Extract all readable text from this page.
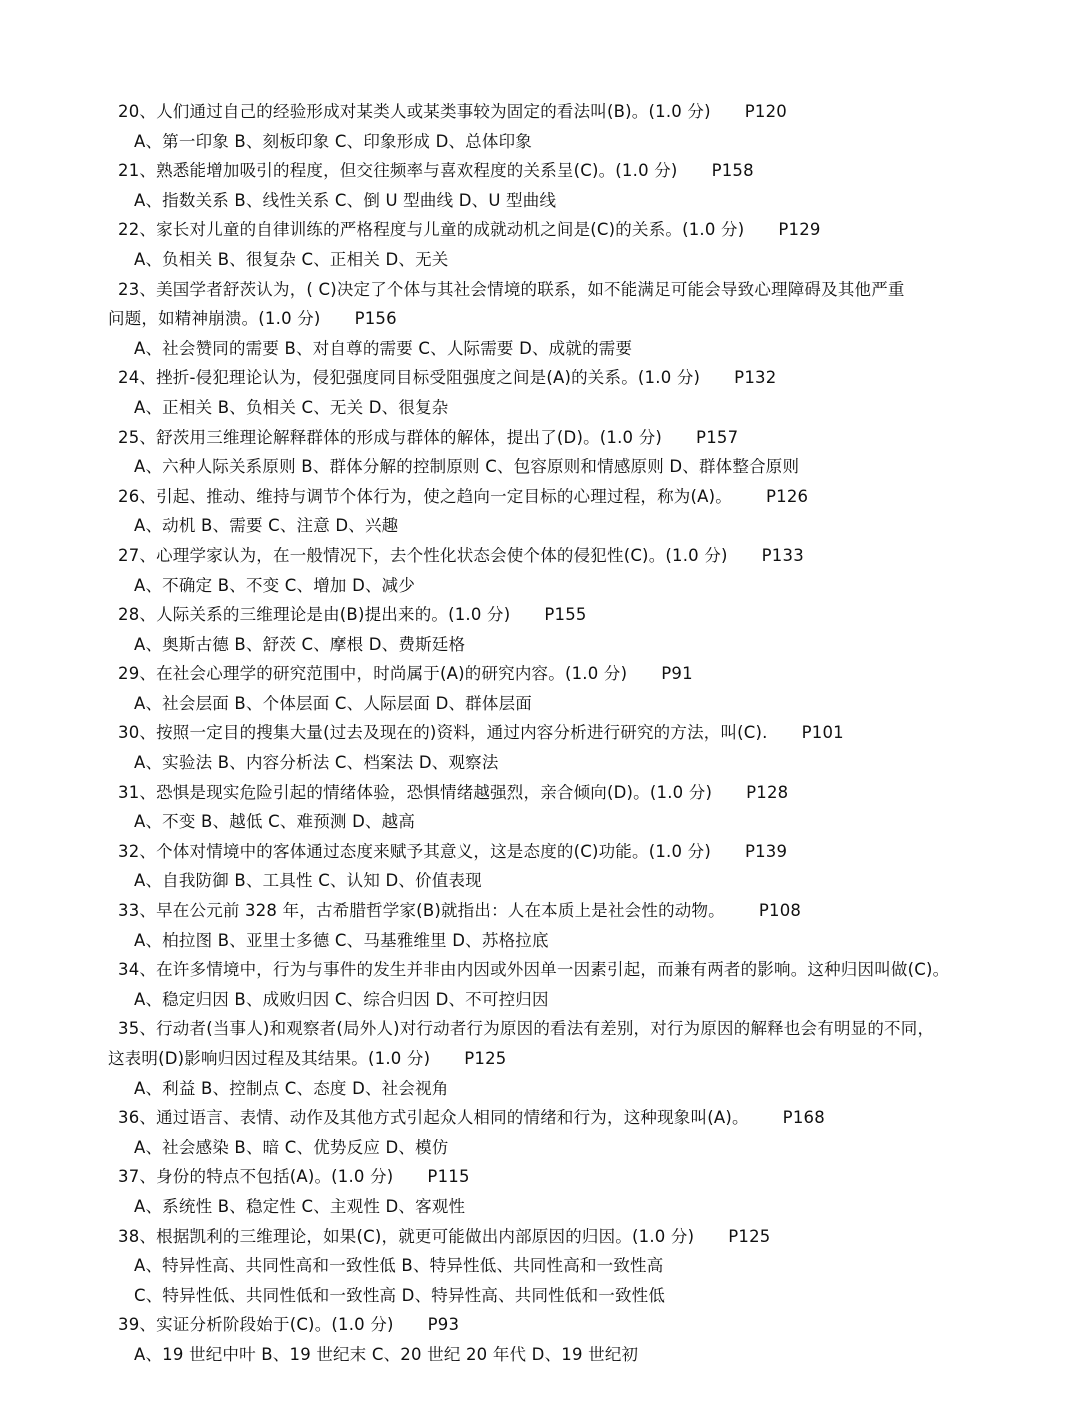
20、人们通过自己的经验形成对某类人或某类事较为固定的看法叫(B)。(1.0 分) P120
A、第一印象 B、刻板印象 C、印象形成 D、总体印象
21、熟悉能增加吸引的程度，但交往频率与喜欢程度的关系呈(C)。(1.0 分) P158
A、指数关系 B、线性关系 C、倒 U 型曲线 D、U 型曲线
22、家长对儿童的自律训练的严格程度与儿童的成就动机之间是(C)的关系。(1.0 分) P129
A、负相关 B、很复杂 C、正相关 D、无关
23、美国学者舒茨认为，( C)决定了个体与其社会情境的联系，如不能满足可能会导致心理障碍及其他严重
问题，如精神崩溃。(1.0 分) P156
A、社会赞同的需要 B、对自尊的需要 C、人际需要 D、成就的需要
24、挫折-侵犯理论认为，侵犯强度同目标受阻强度之间是(A)的关系。(1.0 分) P132
A、正相关 B、负相关 C、无关 D、很复杂
25、舒茨用三维理论解释群体的形成与群体的解体，提出了(D)。(1.0 分) P157
A、六种人际关系原则 B、群体分解的控制原则 C、包容原则和情感原则 D、群体整合原则
26、引起、推动、维持与调节个体行为，使之趋向一定目标的心理过程，称为(A)。 P126
A、动机 B、需要 C、注意 D、兴趣
27、心理学家认为，在一般情况下，去个性化状态会使个体的侵犯性(C)。(1.0 分) P133
A、不确定 B、不变 C、增加 D、减少
28、人际关系的三维理论是由(B)提出来的。(1.0 分) P155
A、奥斯古德 B、舒茨 C、摩根 D、费斯廷格
29、在社会心理学的研究范围中，时尚属于(A)的研究内容。(1.0 分) P91
A、社会层面 B、个体层面 C、人际层面 D、群体层面
30、按照一定目的搜集大量(过去及现在的)资料，通过内容分析进行研究的方法，叫(C). P101
A、实验法 B、内容分析法 C、档案法 D、观察法
31、恐惧是现实危险引起的情绪体验，恐惧情绪越强烈，亲合倾向(D)。(1.0 分) P128
A、不变 B、越低 C、难预测 D、越高
32、个体对情境中的客体通过态度来赋予其意义，这是态度的(C)功能。(1.0 分) P139
A、自我防御 B、工具性 C、认知 D、价值表现
33、早在公元前 328 年，古希腊哲学家(B)就指出：人在本质上是社会性的动物。 P108
A、柏拉图 B、亚里士多德 C、马基雅维里 D、苏格拉底
34、在许多情境中，行为与事件的发生并非由内因或外因单一因素引起，而兼有两者的影响。这种归因叫做(C)。
A、稳定归因 B、成败归因 C、综合归因 D、不可控归因
35、行动者(当事人)和观察者(局外人)对行动者行为原因的看法有差别，对行为原因的解释也会有明显的不同，
这表明(D)影响归因过程及其结果。(1.0 分) P125
A、利益 B、控制点 C、态度 D、社会视角
36、通过语言、表情、动作及其他方式引起众人相同的情绪和行为，这种现象叫(A)。 P168
A、社会感染 B、暗 C、优势反应 D、模仿
37、身份的特点不包括(A)。(1.0 分) P115
A、系统性 B、稳定性 C、主观性 D、客观性
38、根据凯利的三维理论，如果(C)，就更可能做出内部原因的归因。(1.0 分) P125
A、特异性高、共同性高和一致性低 B、特异性低、共同性高和一致性高
C、特异性低、共同性低和一致性高 D、特异性高、共同性低和一致性低
39、实证分析阶段始于(C)。(1.0 分) P93
A、19 世纪中叶 B、19 世纪末 C、20 世纪 20 年代 D、19 世纪初
